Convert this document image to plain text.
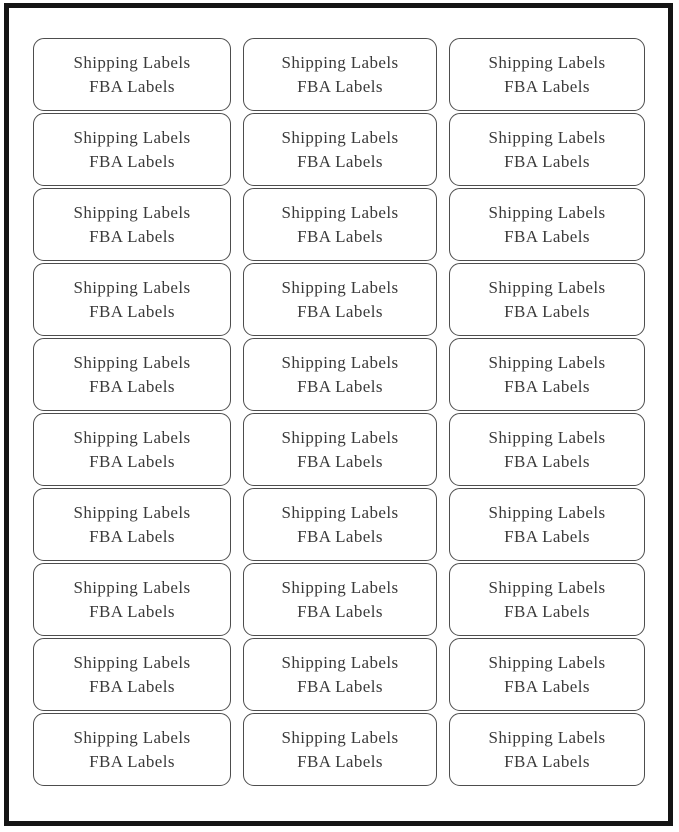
Shipping Labels
FBA Labels
Shipping Labels
FBA Labels
Shipping Labels
FBA Labels
Shipping Labels
FBA Labels
Shipping Labels
FBA Labels
Shipping Labels
FBA Labels
Shipping Labels
FBA Labels
Shipping Labels
FBA Labels
Shipping Labels
FBA Labels
Shipping Labels
FBA Labels
Shipping Labels
FBA Labels
Shipping Labels
FBA Labels
Shipping Labels
FBA Labels
Shipping Labels
FBA Labels
Shipping Labels
FBA Labels
Shipping Labels
FBA Labels
Shipping Labels
FBA Labels
Shipping Labels
FBA Labels
Shipping Labels
FBA Labels
Shipping Labels
FBA Labels
Shipping Labels
FBA Labels
Shipping Labels
FBA Labels
Shipping Labels
FBA Labels
Shipping Labels
FBA Labels
Shipping Labels
FBA Labels
Shipping Labels
FBA Labels
Shipping Labels
FBA Labels
Shipping Labels
FBA Labels
Shipping Labels
FBA Labels
Shipping Labels
FBA Labels
